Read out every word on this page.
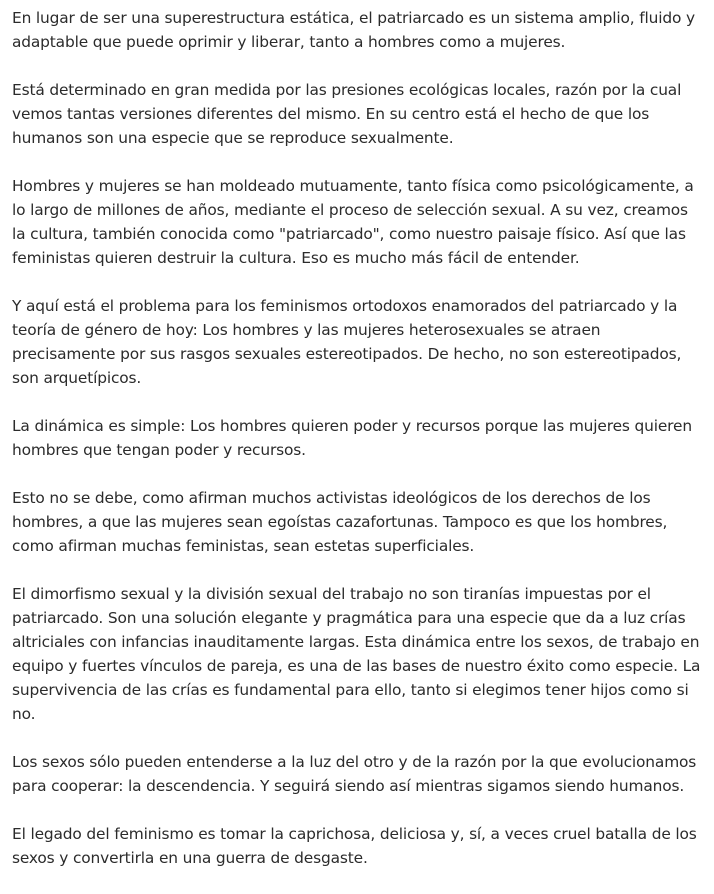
En lugar de ser una superestructura estática, el patriarcado es un sistema amplio, fluido y adaptable que puede oprimir y liberar, tanto a hombres como a mujeres.

Está determinado en gran medida por las presiones ecológicas locales, razón por la cual vemos tantas versiones diferentes del mismo. En su centro está el hecho de que los humanos son una especie que se reproduce sexualmente.

Hombres y mujeres se han moldeado mutuamente, tanto física como psicológicamente, a lo largo de millones de años, mediante el proceso de selección sexual. A su vez, creamos la cultura, también conocida como "patriarcado", como nuestro paisaje físico. Así que las feministas quieren destruir la cultura. Eso es mucho más fácil de entender.

Y aquí está el problema para los feminismos ortodoxos enamorados del patriarcado y la teoría de género de hoy: Los hombres y las mujeres heterosexuales se atraen precisamente por sus rasgos sexuales estereotipados. De hecho, no son estereotipados, son arquetípicos.

La dinámica es simple: Los hombres quieren poder y recursos porque las mujeres quieren hombres que tengan poder y recursos.

Esto no se debe, como afirman muchos activistas ideológicos de los derechos de los hombres, a que las mujeres sean egoístas cazafortunas. Tampoco es que los hombres, como afirman muchas feministas, sean estetas superficiales.

El dimorfismo sexual y la división sexual del trabajo no son tiranías impuestas por el patriarcado. Son una solución elegante y pragmática para una especie que da a luz crías altriciales con infancias inauditamente largas. Esta dinámica entre los sexos, de trabajo en equipo y fuertes vínculos de pareja, es una de las bases de nuestro éxito como especie. La supervivencia de las crías es fundamental para ello, tanto si elegimos tener hijos como si no.

Los sexos sólo pueden entenderse a la luz del otro y de la razón por la que evolucionamos para cooperar: la descendencia. Y seguirá siendo así mientras sigamos siendo humanos.

El legado del feminismo es tomar la caprichosa, deliciosa y, sí, a veces cruel batalla de los sexos y convertirla en una guerra de desgaste.
